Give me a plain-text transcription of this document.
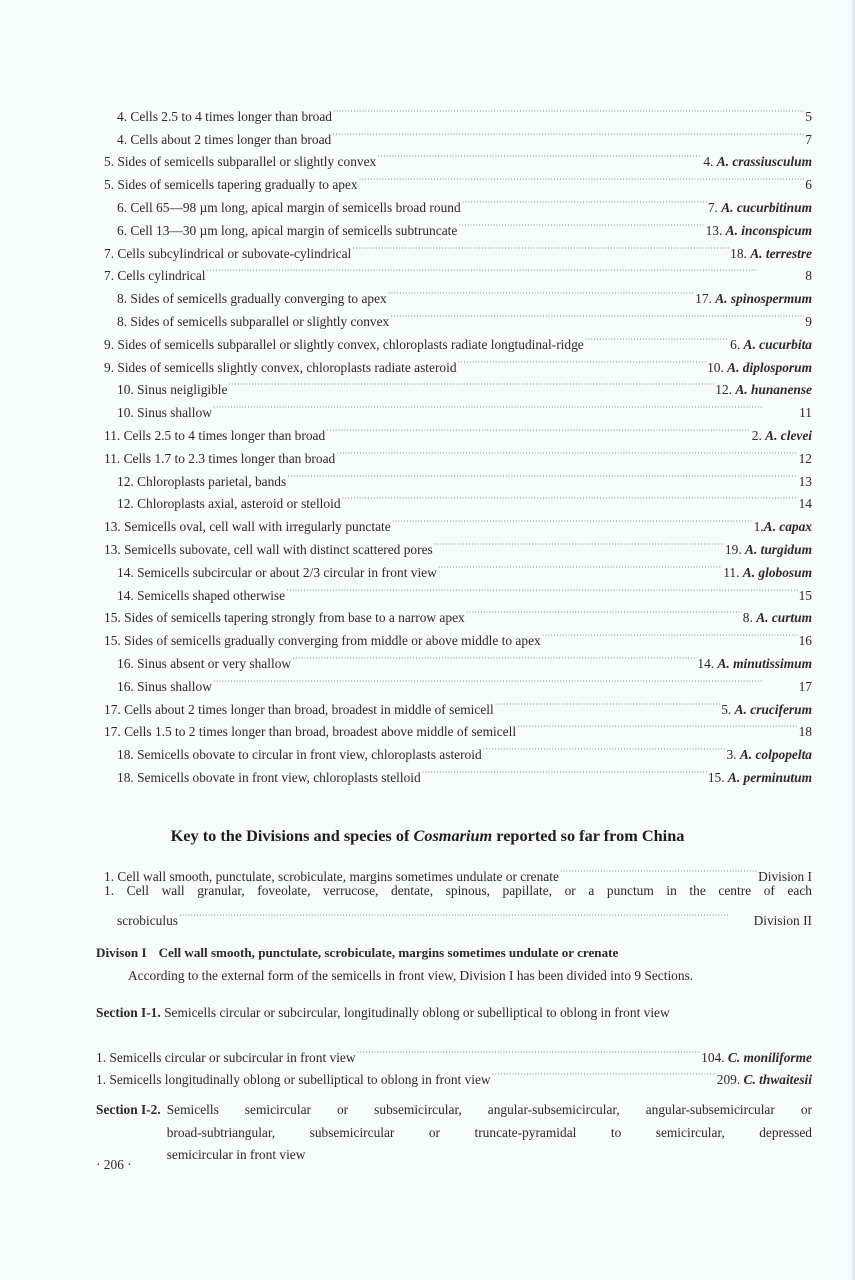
4. Cells 2.5 to 4 times longer than broad ·····	5
4. Cells about 2 times longer than broad ·····	7
5. Sides of semicells subparallel or slightly convex ·····	4. A. crassiusculum
5. Sides of semicells tapering gradually to apex ·····	6
6. Cell 65—98 µm long, apical margin of semicells broad round ·····	7. A. cucurbitinum
6. Cell 13—30 µm long, apical margin of semicells subtruncate ·····	13. A. inconspicum
7. Cells subcylindrical or subovate-cylindrical ·····	18. A. terrestre
7. Cells cylindrical ·····	8
8. Sides of semicells gradually converging to apex ·····	17. A. spinospermum
8. Sides of semicells subparallel or slightly convex ·····	9
9. Sides of semicells subparallel or slightly convex, chloroplasts radiate longtudinal-ridge ·····	6. A. cucurbita
9. Sides of semicells slightly convex, chloroplasts radiate asteroid ·····	10. A. diplosporum
10. Sinus neigligible ·····	12. A. hunanense
10. Sinus shallow ·····	11
11. Cells 2.5 to 4 times longer than broad ·····	2. A. clevei
11. Cells 1.7 to 2.3 times longer than broad ·····	12
12. Chloroplasts parietal, bands ·····	13
12. Chloroplasts axial, asteroid or stelloid ·····	14
13. Semicells oval, cell wall with irregularly punctate ·····	1.A. capax
13. Semicells subovate, cell wall with distinct scattered pores ·····	19. A. turgidum
14. Semicells subcircular or about 2/3 circular in front view ·····	11. A. globosum
14. Semicells shaped otherwise ·····	15
15. Sides of semicells tapering strongly from base to a narrow apex ·····	8. A. curtum
15. Sides of semicells gradually converging from middle or above middle to apex ·····	16
16. Sinus absent or very shallow ·····	14. A. minutissimum
16. Sinus shallow ·····	17
17. Cells about 2 times longer than broad, broadest in middle of semicell ·····	5. A. cruciferum
17. Cells 1.5 to 2 times longer than broad, broadest above middle of semicell ·····	18
18. Semicells obovate to circular in front view, chloroplasts asteroid ·····	3. A. colpopelta
18. Semicells obovate in front view, chloroplasts stelloid ·····	15. A. perminutum
Key to the Divisions and species of Cosmarium reported so far from China
1. Cell wall smooth, punctulate, scrobiculate, margins sometimes undulate or crenate ·····	Division I
1. Cell wall granular, foveolate, verrucose, dentate, spinous, papillate, or a punctum in the centre of each
scrobiculus ·····	Division II
Divison I Cell wall smooth, punctulate, scrobiculate, margins sometimes undulate or crenate
According to the external form of the semicells in front view, Division I has been divided into 9 Sections.
Section I-1. Semicells circular or subcircular, longitudinally oblong or subelliptical to oblong in front view
1. Semicells circular or subcircular in front view ·····	104. C. moniliforme
1. Semicells longitudinally oblong or subelliptical to oblong in front view ·····	209. C. thwaitesii
Section I-2. Semicells semicircular or subsemicircular, angular-subsemicircular, angular-subsemicircular or
broad-subtriangular, subsemicircular or truncate-pyramidal to semicircular, depressed
semicircular in front view
· 206 ·
